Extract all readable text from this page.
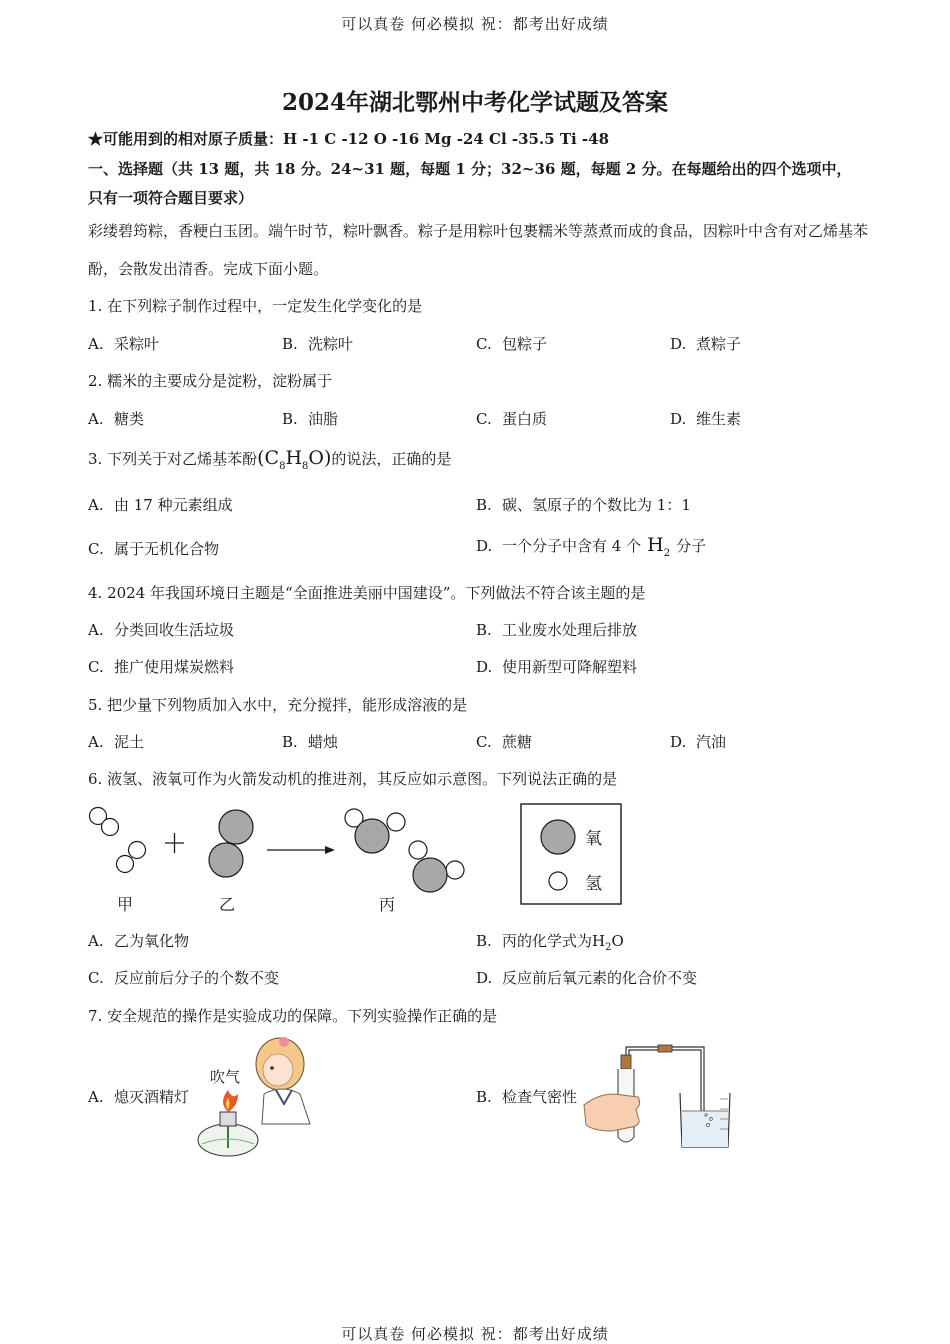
可以真卷 何必模拟 祝：都考出好成绩
2024年湖北鄂州中考化学试题及答案
★可能用到的相对原子质量：H -1 C -12 O -16 Mg -24 Cl -35.5 Ti -48
一、选择题（共 13 题，共 18 分。24~31 题，每题 1 分；32~36 题，每题 2 分。在每题给出的四个选项中，
只有一项符合题目要求）
彩缕碧筠粽，香粳白玉团。端午时节，粽叶飘香。粽子是用粽叶包裹糯米等蒸煮而成的食品，因粽叶中含有对乙烯基苯酚，会散发出清香。完成下面小题。
1. 在下列粽子制作过程中，一定发生化学变化的是
A. 采粽叶	B. 洗粽叶	C. 包粽子	D. 煮粽子
2. 糯米的主要成分是淀粉，淀粉属于
A. 糖类	B. 油脂	C. 蛋白质	D. 维生素
3. 下列关于对乙烯基苯酚$(C_8H_8O)$的说法，正确的是
A. 由 17 种元素组成	B. 碳、氢原子的个数比为 1：1
C. 属于无机化合物	D. 一个分子中含有 4 个 $H_2$ 分子
4. 2024 年我国环境日主题是“全面推进美丽中国建设”。下列做法不符合该主题的是
A. 分类回收生活垃圾	B. 工业废水处理后排放
C. 推广使用煤炭燃料	D. 使用新型可降解塑料
5. 把少量下列物质加入水中，充分搅拌，能形成溶液的是
A. 泥土	B. 蜡烛	C. 蔗糖	D. 汽油
6. 液氢、液氧可作为火箭发动机的推进剂，其反应如示意图。下列说法正确的是
甲	乙	丙
氧
氢
A. 乙为氧化物	B. 丙的化学式为$H_2O$
C. 反应前后分子的个数不变	D. 反应前后氧元素的化合价不变
7. 安全规范的操作是实验成功的保障。下列实验操作正确的是
A. 熄灭酒精灯
吹气
B. 检查气密性
可以真卷 何必模拟 祝：都考出好成绩
